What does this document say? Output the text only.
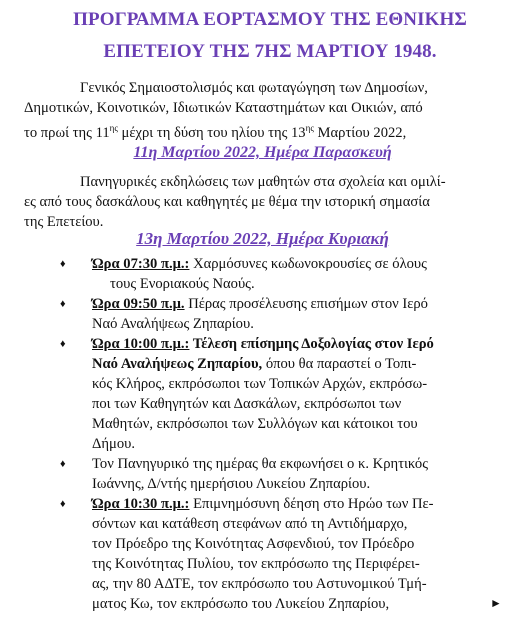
ΠΡΟΓΡΑΜΜΑ ΕΟΡΤΑΣΜΟΥ ΤΗΣ ΕΘΝΙΚΗΣ
ΕΠΕΤΕΙΟΥ ΤΗΣ 7ΗΣ ΜΑΡΤΙΟΥ 1948.
Γενικός Σημαιοστολισμός και φωταγώγηση των Δημοσίων,
Δημοτικών, Κοινοτικών, Ιδιωτικών Καταστημάτων και Οικιών, από
το πρωί της $11^{\eta\varsigma}$ μέχρι τη δύση του ηλίου της $13^{\eta\varsigma}$ Μαρτίου 2022,
11η Μαρτίου 2022, Ημέρα Παρασκευή
Πανηγυρικές εκδηλώσεις των μαθητών στα σχολεία και ομιλί-
ες από τους δασκάλους και καθηγητές με θέμα την ιστορική σημασία
της Επετείου.
13η Μαρτίου 2022, Ημέρα Κυριακή
♦ Ώρα 07:30 π.μ.: Χαρμόσυνες κωδωνοκρουσίες σε όλους
τους Ενοριακούς Ναούς.
♦ Ώρα 09:50 π.μ. Πέρας προσέλευσης επισήμων στον Ιερό
Ναό Αναλήψεως Ζηπαρίου.
♦ Ώρα 10:00 π.μ.: Τέλεση επίσημης Δοξολογίας στον Ιερό
Ναό Αναλήψεως Ζηπαρίου, όπου θα παραστεί ο Τοπι-
κός Κλήρος, εκπρόσωποι των Τοπικών Αρχών, εκπρόσω-
ποι των Καθηγητών και Δασκάλων, εκπρόσωποι των
Μαθητών, εκπρόσωποι των Συλλόγων και κάτοικοι του
Δήμου.
♦ Τον Πανηγυρικό της ημέρας θα εκφωνήσει ο κ. Κρητικός
Ιωάννης, Δ/ντής ημερήσιου Λυκείου Ζηπαρίου.
♦ Ώρα 10:30 π.μ.: Επιμνημόσυνη δέηση στο Ηρώο των Πε-
σόντων και κατάθεση στεφάνων από τη Αντιδήμαρχο,
τον Πρόεδρο της Κοινότητας Ασφενδιού, τον Πρόεδρο
της Κοινότητας Πυλίου, τον εκπρόσωπο της Περιφέρει-
ας, την 80 ΑΔΤΕ, τον εκπρόσωπο του Αστυνομικού Τμή-
ματος Κω, τον εκπρόσωπο του Λυκείου Ζηπαρίου,	►
